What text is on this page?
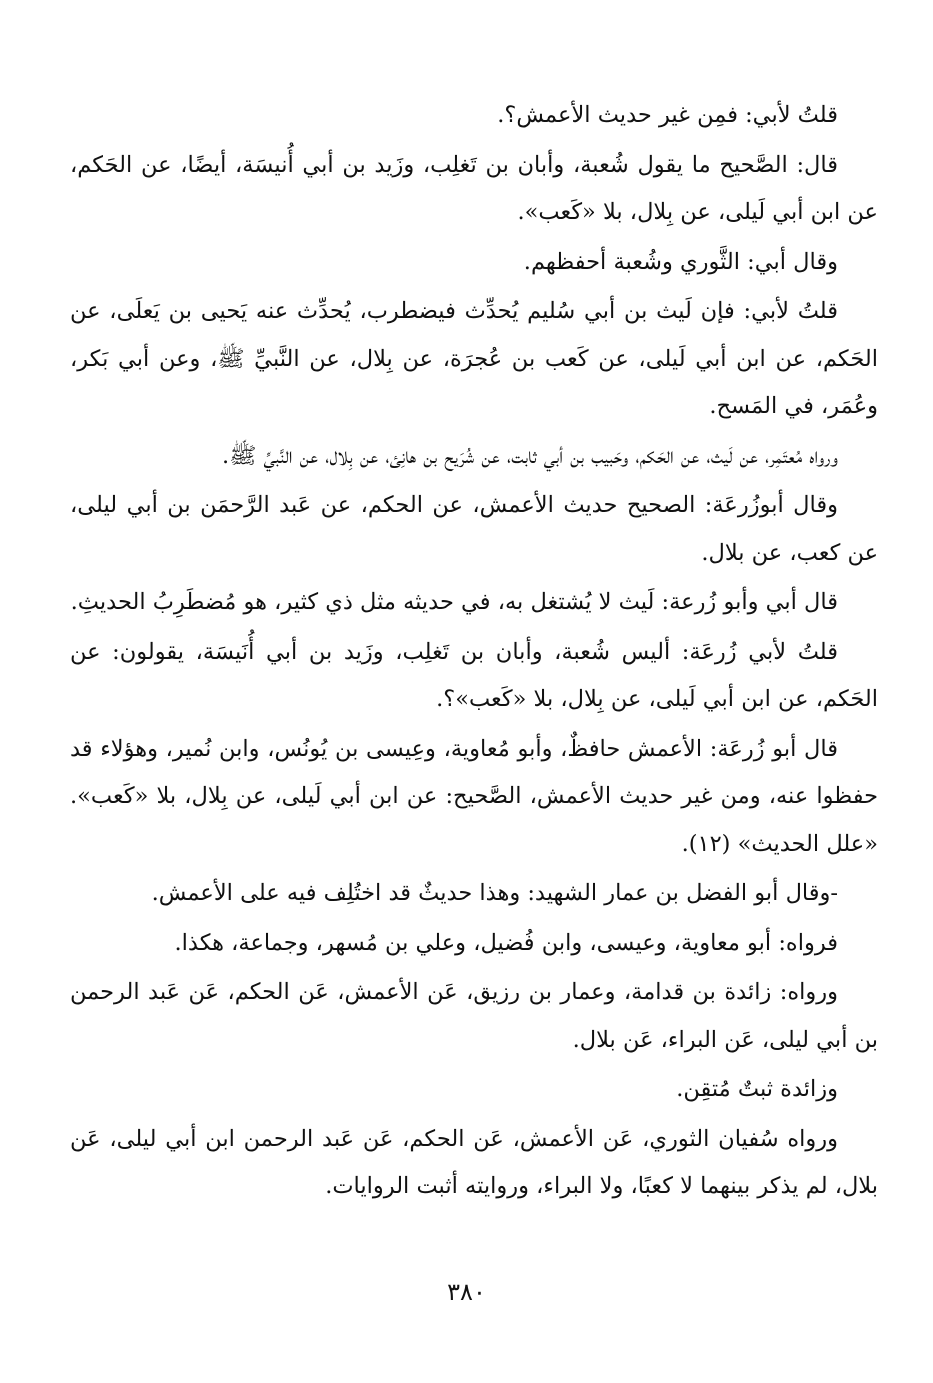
قلتُ لأبي: فمِن غير حديث الأعمش؟.

قال: الصَّحيح ما يقول شُعبة، وأبان بن تَغلِب، وزَيد بن أبي أُنيسَة، أيضًا، عن الحَكم، عن ابن أبي لَيلى، عن بِلال، بلا «كَعب».

وقال أبي: الثَّوري وشُعبة أحفظهم.

قلتُ لأبي: فإن لَيث بن أبي سُليم يُحدِّث فيضطرب، يُحدِّث عنه يَحيى بن يَعلَى، عن الحَكم، عن ابن أبي لَيلى، عن كَعب بن عُجرَة، عن بِلال، عن النَّبيِّ ﷺ، وعن أبي بَكر، وعُمَر، في المَسح.

ورواه مُعتَمِر، عن لَيث، عن الحَكم، وحَبيب بن أبي ثابت، عن شُرَيح بن هانِئ، عن بِلال، عن النَّبيِّ ﷺ.

وقال أبوزُرعَة: الصحيح حديث الأعمش، عن الحكم، عن عَبد الرَّحمَن بن أبي ليلى، عن كعب، عن بلال.

قال أبي وأبو زُرعة: لَيث لا يُشتغل به، في حديثه مثل ذي كثير، هو مُضطَرِبُ الحديثِ.

قلتُ لأبي زُرعَة: أليس شُعبة، وأبان بن تَغلِب، وزَيد بن أبي أُنَيسَة، يقولون: عن الحَكم، عن ابن أبي لَيلى، عن بِلال، بلا «كَعب»؟.

قال أبو زُرعَة: الأعمش حافظٌ، وأبو مُعاوية، وعِيسى بن يُونُس، وابن نُمير، وهؤلاء قد حفظوا عنه، ومن غير حديث الأعمش، الصَّحيح: عن ابن أبي لَيلى، عن بِلال، بلا «كَعب». «علل الحديث» (١٢).

-وقال أبو الفضل بن عمار الشهيد: وهذا حديثٌ قد اختُلِف فيه على الأعمش.

فرواه: أبو معاوية، وعيسى، وابن فُضيل، وعلي بن مُسهر، وجماعة، هكذا.

ورواه: زائدة بن قدامة، وعمار بن رزيق، عَن الأعمش، عَن الحكم، عَن عَبد الرحمن بن أبي ليلى، عَن البراء، عَن بلال.

وزائدة ثبتٌ مُتقِن.

ورواه سُفيان الثوري، عَن الأعمش، عَن الحكم، عَن عَبد الرحمن ابن أبي ليلى، عَن بلال، لم يذكر بينهما لا كعبًا، ولا البراء، وروايته أثبت الروايات.

٣٨٠
